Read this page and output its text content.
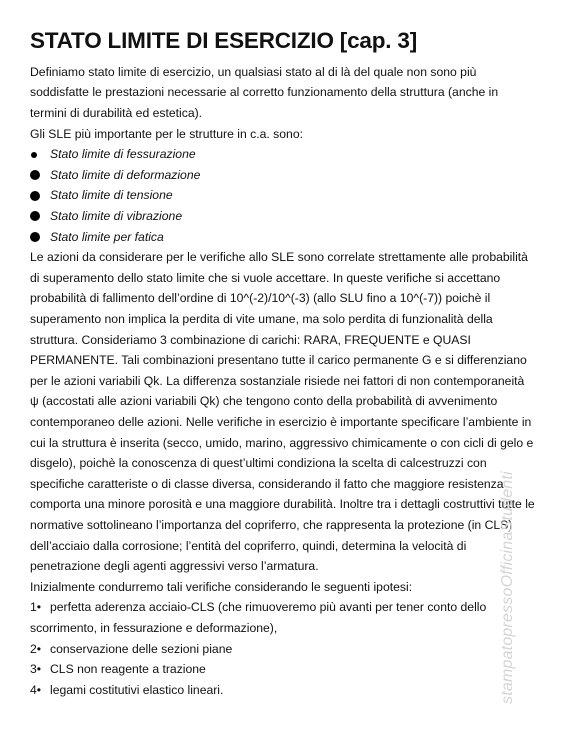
STATO LIMITE DI ESERCIZIO [cap. 3]

Definiamo stato limite di esercizio, un qualsiasi stato al di là del quale non sono più
soddisfatte le prestazioni necessarie al corretto funzionamento della struttura (anche in
termini di durabilità ed estetica).
Gli SLE più importante per le strutture in c.a. sono:

Stato limite di fessurazione
Stato limite di deformazione
Stato limite di tensione
Stato limite di vibrazione
Stato limite per fatica

Le azioni da considerare per le verifiche allo SLE sono correlate strettamente alle probabilità
di superamento dello stato limite che si vuole accettare. In queste verifiche si accettano
probabilità di fallimento dell’ordine di 10^(-2)/10^(-3) (allo SLU fino a 10^(-7)) poichè il
superamento non implica la perdita di vite umane, ma solo perdita di funzionalità della
struttura. Consideriamo 3 combinazione di carichi: RARA, FREQUENTE e QUASI
PERMANENTE. Tali combinazioni presentano tutte il carico permanente G e si differenziano
per le azioni variabili Qk. La differenza sostanziale risiede nei fattori di non contemporaneità
ψ (accostati alle azioni variabili Qk) che tengono conto della probabilità di avvenimento
contemporaneo delle azioni. Nelle verifiche in esercizio è importante specificare l’ambiente in
cui la struttura è inserita (secco, umido, marino, aggressivo chimicamente o con cicli di gelo e
disgelo), poichè la conoscenza di quest’ultimi condiziona la scelta di calcestruzzi con
specifiche caratteriste o di classe diversa, considerando il fatto che maggiore resistenza
comporta una minore porosità e una maggiore durabilità. Inoltre tra i dettagli costruttivi tutte le
normative sottolineano l’importanza del copriferro, che rappresenta la protezione (in CLS)
dell’acciaio dalla corrosione; l’entità del copriferro, quindi, determina la velocità di
penetrazione degli agenti aggressivi verso l’armatura.
Inizialmente condurremo tali verifiche considerando le seguenti ipotesi:

1• perfetta aderenza acciaio-CLS (che rimuoveremo più avanti per tener conto dello
scorrimento, in fessurazione e deformazione),
2• conservazione delle sezioni piane
3• CLS non reagente a trazione
4• legami costitutivi elastico lineari.	stampatopressoOfficinaStudenti
